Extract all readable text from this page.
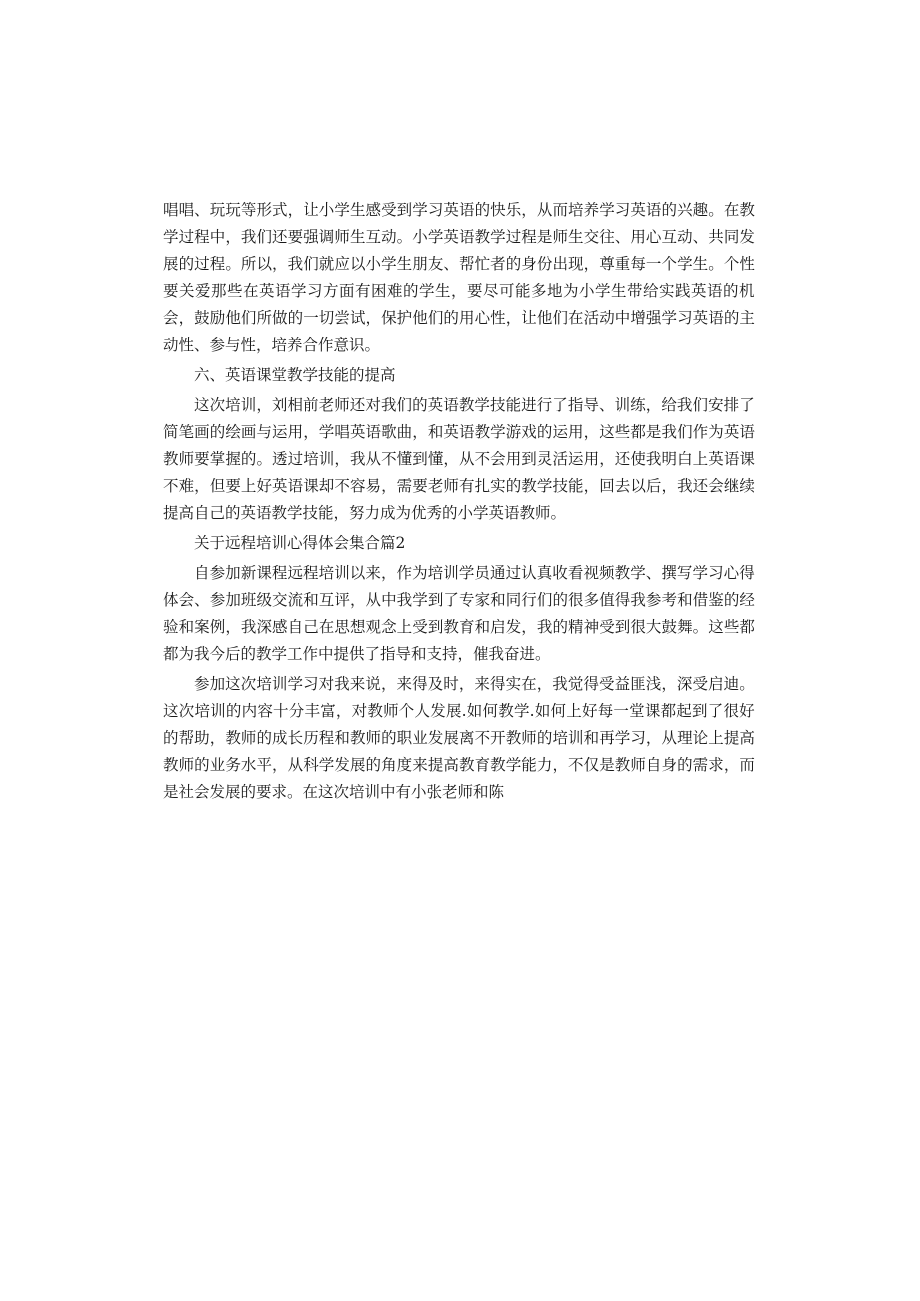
唱 唱 、 玩 玩 等 形 式 ， 让 小 学 生 感 受 到 学 习 英 语 的 快 乐 ， 从 而 培 养 学 习 英 语 的 兴 趣 。 在 教

学 过 程 中 ， 我 们 还 要 强 调 师 生 互 动 。 小 学 英 语 教 学 过 程 是 师 生 交 往 、 用 心 互 动 、 共 同 发

展 的 过 程 。 所 以 ， 我 们 就 应 以 小 学 生 朋 友 、 帮 忙 者 的 身 份 出 现 ， 尊 重 每 一 个 学 生 。 个 性

要 关 爱 那 些 在 英 语 学 习 方 面 有 困 难 的 学 生 ， 要 尽 可 能 多 地 为 小 学 生 带 给 实 践 英 语 的 机

会 ， 鼓 励 他 们 所 做 的 一 切 尝 试 ， 保 护 他 们 的 用 心 性 ， 让 他 们 在 活 动 中 增 强 学 习 英 语 的 主

动性、参与性，培养合作意识。

六、英语课堂教学技能的提高

这 次 培 训 ， 刘 相 前 老 师 还 对 我 们 的 英 语 教 学 技 能 进 行 了 指 导 、 训 练 ， 给 我 们 安 排 了

简 笔 画 的 绘 画 与 运 用 ， 学 唱 英 语 歌 曲 ， 和 英 语 教 学 游 戏 的 运 用 ， 这 些 都 是 我 们 作 为 英 语

教 师 要 掌 握 的 。 透 过 培 训 ， 我 从 不 懂 到 懂 ， 从 不 会 用 到 灵 活 运 用 ， 还 使 我 明 白 上 英 语 课

不 难 ， 但 要 上 好 英 语 课 却 不 容 易 ， 需 要 老 师 有 扎 实 的 教 学 技 能 ， 回 去 以 后 ， 我 还 会 继 续

提高自己的英语教学技能，努力成为优秀的小学英语教师。

关于远程培训心得体会集合篇2

自 参 加 新 课 程 远 程 培 训 以 来 ， 作 为 培 训 学 员 通 过 认 真 收 看 视 频 教 学 、 撰 写 学 习 心 得

体 会 、 参 加 班 级 交 流 和 互 评 ， 从 中 我 学 到 了 专 家 和 同 行 们 的 很 多 值 得 我 参 考 和 借 鉴 的 经

验 和 案 例 ， 我 深 感 自 己 在 思 想 观 念 上 受 到 教 育 和 启 发 ， 我 的 精 神 受 到 很 大 鼓 舞 。 这 些 都

都为我今后的教学工作中提供了指导和支持，催我奋进。

参 加 这 次 培 训 学 习 对 我 来 说 ， 来 得 及 时 ， 来 得 实 在 ， 我 觉 得 受 益 匪 浅 ， 深 受 启 迪 。

这 次 培 训 的 内 容 十 分 丰 富 ， 对 教 师 个 人 发 展 . 如 何 教 学 . 如 何 上 好 每 一 堂 课 都 起 到 了 很 好

的 帮 助 ， 教 师 的 成 长 历 程 和 教 师 的 职 业 发 展 离 不 开 教 师 的 培 训 和 再 学 习 ， 从 理 论 上 提 高

教 师 的 业 务 水 平 ， 从 科 学 发 展 的 角 度 来 提 高 教 育 教 学 能 力 ， 不 仅 是 教 师 自 身 的 需 求 ， 而

是社会发展的要求。在这次培训中有小张老师和陈
